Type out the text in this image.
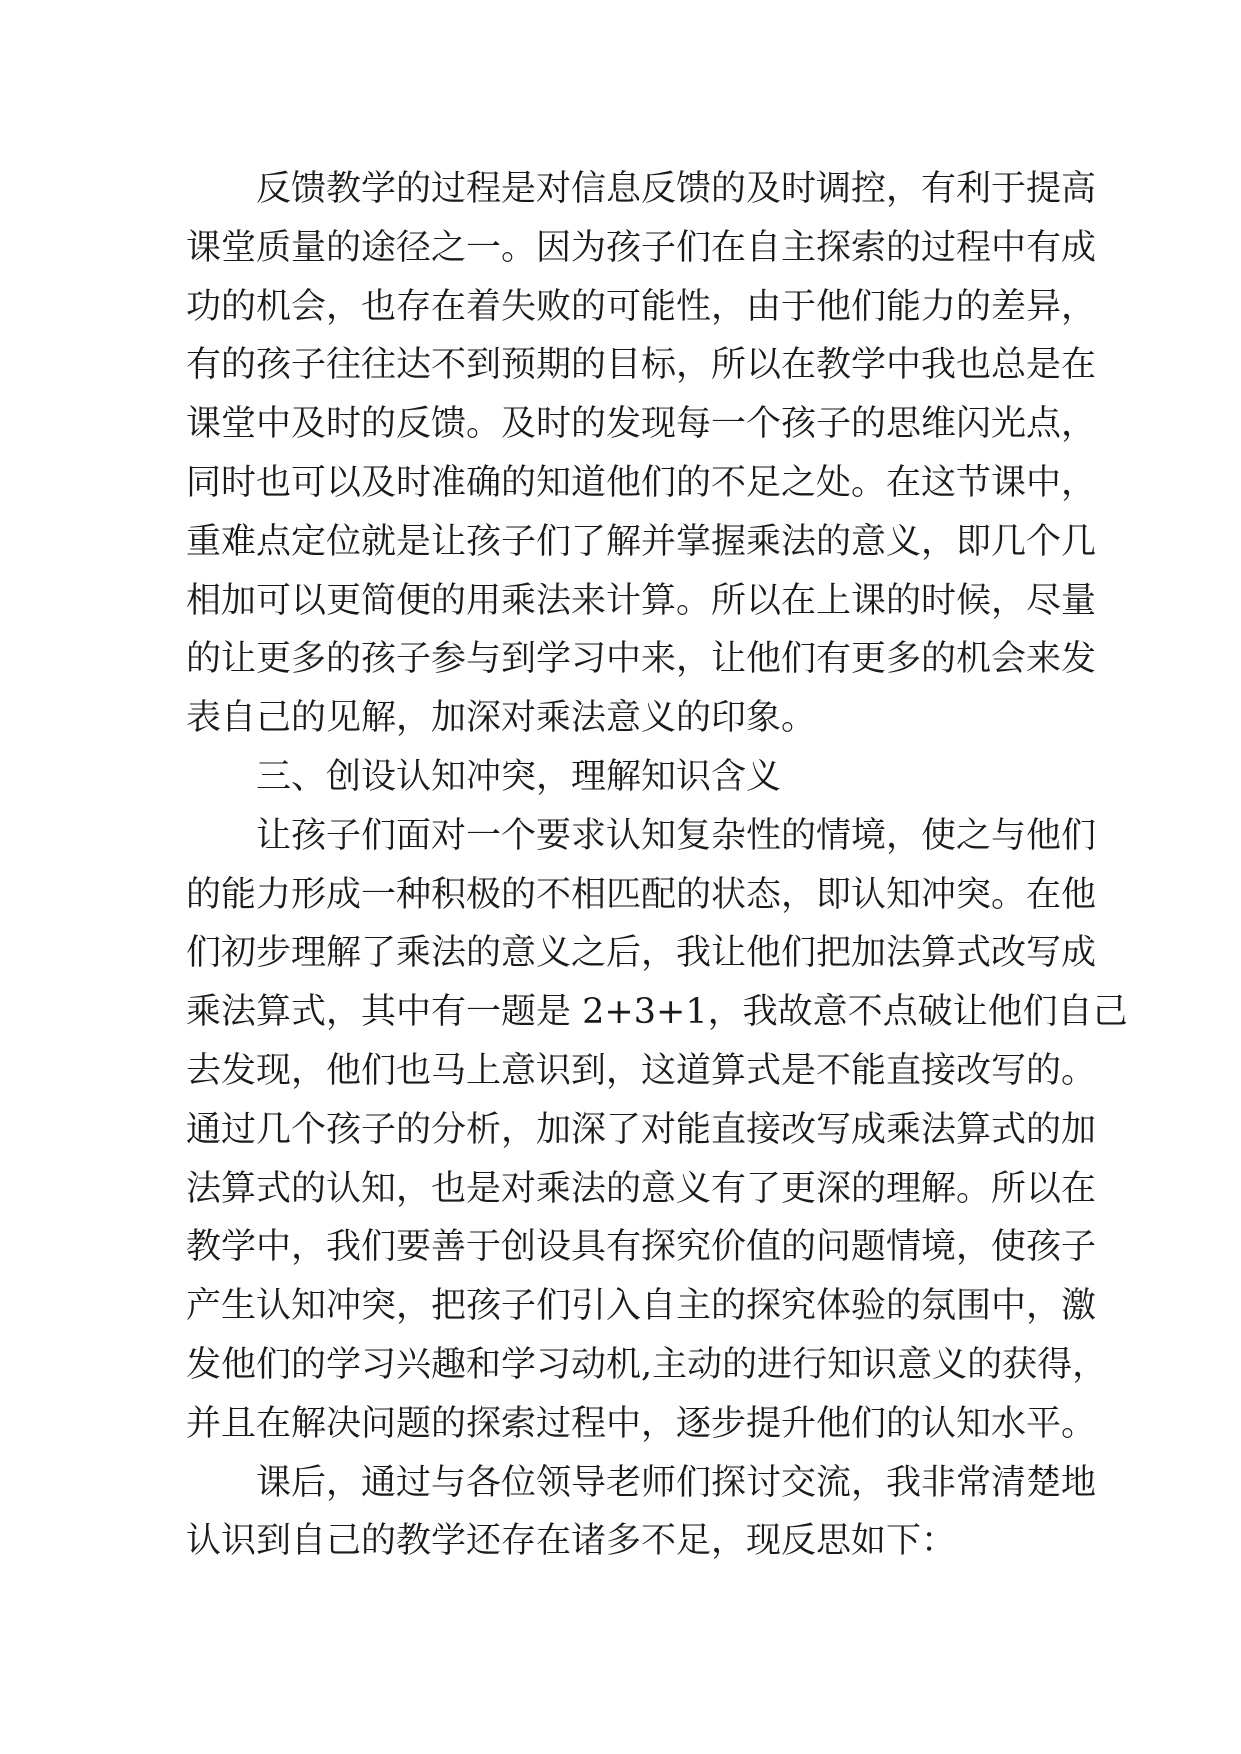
反馈教学的过程是对信息反馈的及时调控，有利于提高
课堂质量的途径之一。因为孩子们在自主探索的过程中有成
功的机会，也存在着失败的可能性，由于他们能力的差异，
有的孩子往往达不到预期的目标，所以在教学中我也总是在
课堂中及时的反馈。及时的发现每一个孩子的思维闪光点，
同时也可以及时准确的知道他们的不足之处。在这节课中，
重难点定位就是让孩子们了解并掌握乘法的意义，即几个几
相加可以更简便的用乘法来计算。所以在上课的时候，尽量
的让更多的孩子参与到学习中来，让他们有更多的机会来发
表自己的见解，加深对乘法意义的印象。
三、创设认知冲突，理解知识含义
让孩子们面对一个要求认知复杂性的情境，使之与他们
的能力形成一种积极的不相匹配的状态，即认知冲突。在他
们初步理解了乘法的意义之后，我让他们把加法算式改写成
乘法算式，其中有一题是 2+3+1，我故意不点破让他们自己
去发现，他们也马上意识到，这道算式是不能直接改写的。
通过几个孩子的分析，加深了对能直接改写成乘法算式的加
法算式的认知，也是对乘法的意义有了更深的理解。所以在
教学中，我们要善于创设具有探究价值的问题情境，使孩子
产生认知冲突，把孩子们引入自主的探究体验的氛围中，激
发他们的学习兴趣和学习动机,主动的进行知识意义的获得，
并且在解决问题的探索过程中，逐步提升他们的认知水平。
课后，通过与各位领导老师们探讨交流，我非常清楚地
认识到自己的教学还存在诸多不足，现反思如下：
